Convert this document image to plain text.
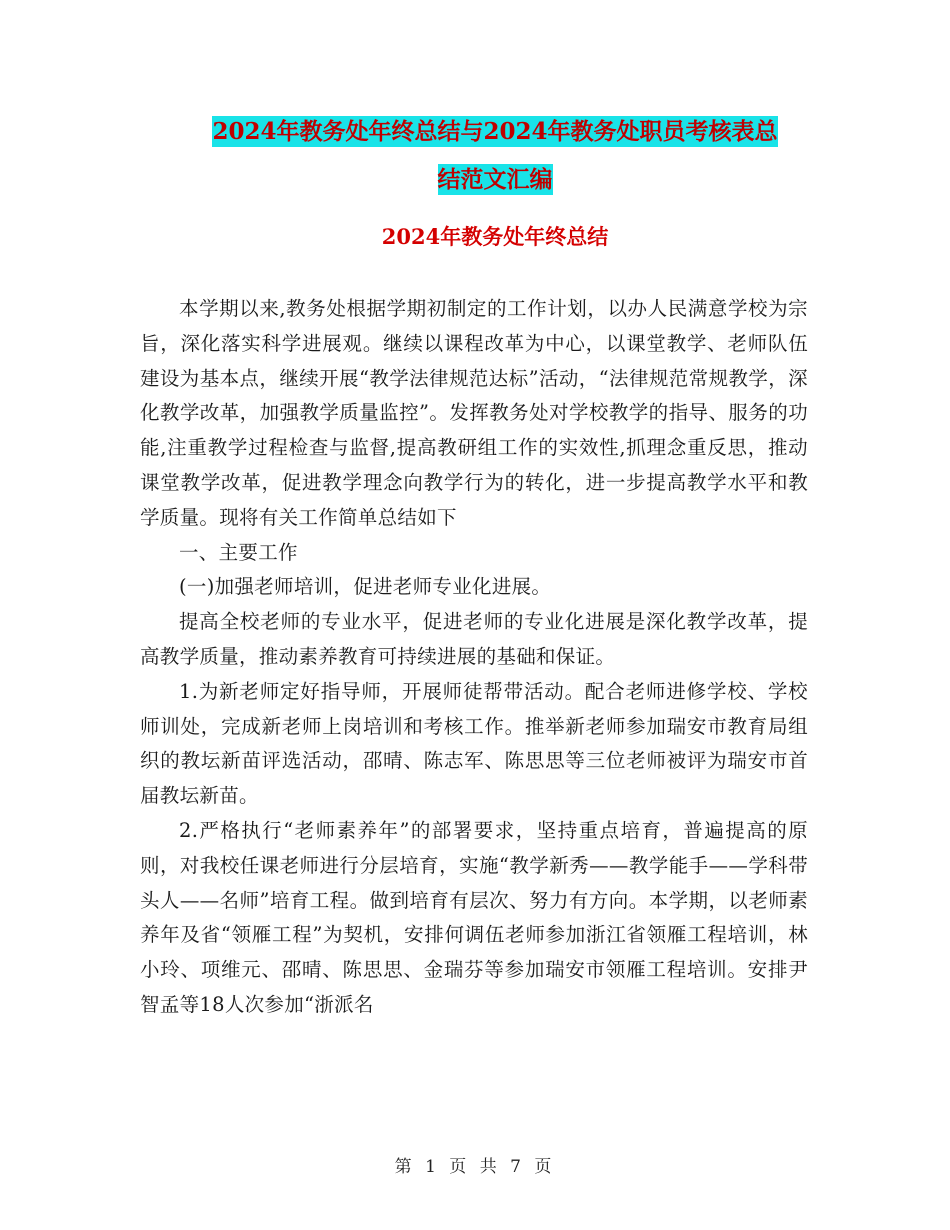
2024年教务处年终总结与2024年教务处职员考核表总
结范文汇编
2024年教务处年终总结

本学期以来,教务处根据学期初制定的工作计划，以办人民满意学校为宗旨，深化落实科学进展观。继续以课程改革为中心，以课堂教学、老师队伍建设为基本点，继续开展“教学法律规范达标”活动，“法律规范常规教学，深化教学改革，加强教学质量监控”。发挥教务处对学校教学的指导、服务的功能,注重教学过程检查与监督,提高教研组工作的实效性,抓理念重反思，推动课堂教学改革，促进教学理念向教学行为的转化，进一步提高教学水平和教学质量。现将有关工作简单总结如下

一、主要工作

(一)加强老师培训，促进老师专业化进展。

提高全校老师的专业水平，促进老师的专业化进展是深化教学改革，提高教学质量，推动素养教育可持续进展的基础和保证。

1.为新老师定好指导师，开展师徒帮带活动。配合老师进修学校、学校师训处，完成新老师上岗培训和考核工作。推举新老师参加瑞安市教育局组织的教坛新苗评选活动，邵晴、陈志军、陈思思等三位老师被评为瑞安市首届教坛新苗。

2.严格执行“老师素养年”的部署要求，坚持重点培育，普遍提高的原则，对我校任课老师进行分层培育，实施“教学新秀——教学能手——学科带头人——名师”培育工程。做到培育有层次、努力有方向。本学期，以老师素养年及省“领雁工程”为契机，安排何调伍老师参加浙江省领雁工程培训，林小玲、项维元、邵晴、陈思思、金瑞芬等参加瑞安市领雁工程培训。安排尹智孟等18人次参加“浙派名

第 1 页 共 7 页
